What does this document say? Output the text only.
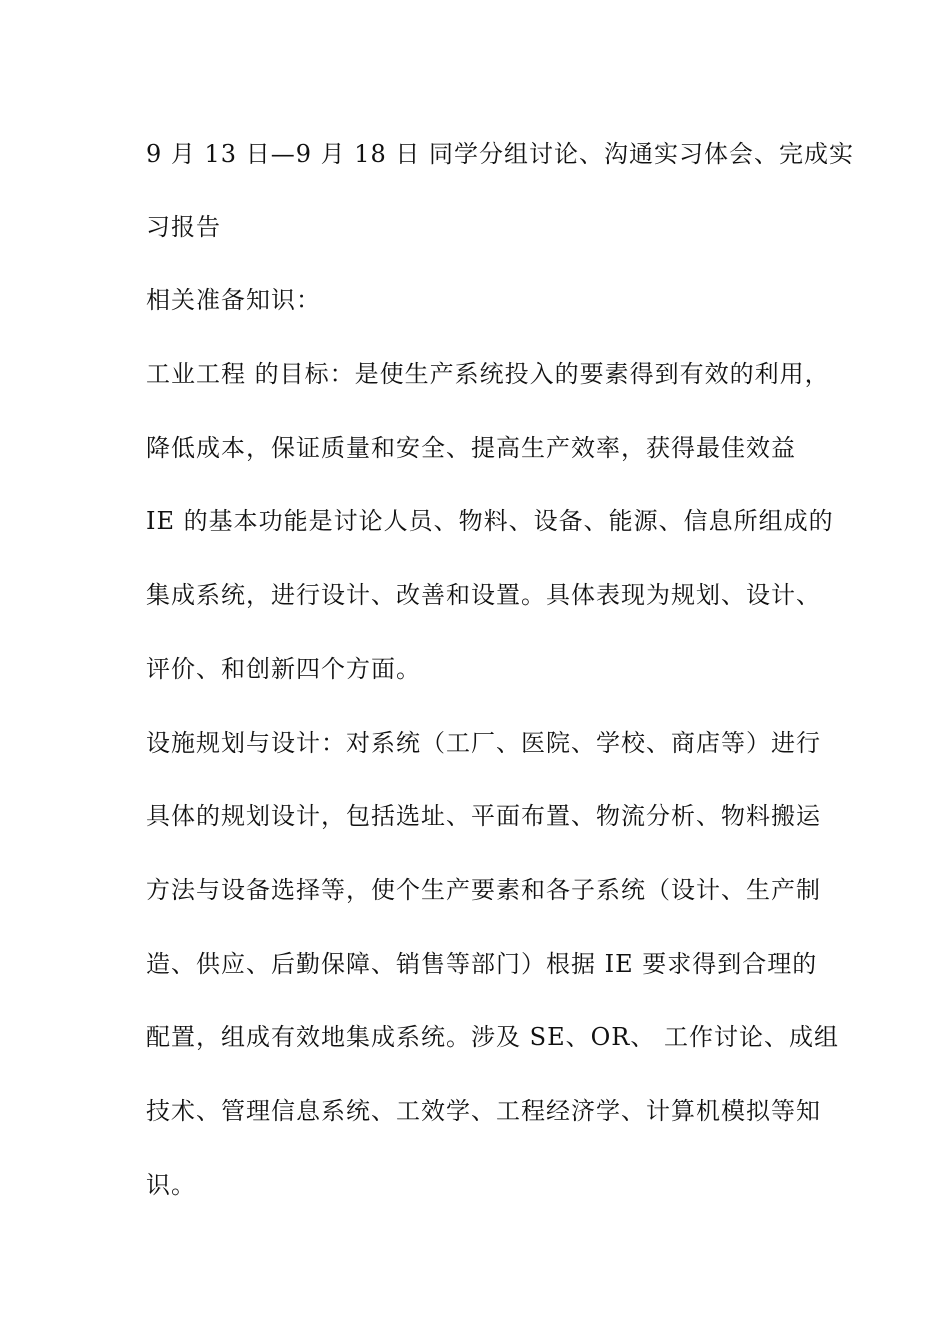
9 月 13 日—9 月 18 日 同学分组讨论、沟通实习体会、完成实
习报告
相关准备知识：
工业工程 的目标：是使生产系统投入的要素得到有效的利用，
降低成本，保证质量和安全、提高生产效率，获得最佳效益
IE 的基本功能是讨论人员、物料、设备、能源、信息所组成的
集成系统，进行设计、改善和设置。具体表现为规划、设计、
评价、和创新四个方面。
设施规划与设计：对系统（工厂、医院、学校、商店等）进行
具体的规划设计，包括选址、平面布置、物流分析、物料搬运
方法与设备选择等，使个生产要素和各子系统（设计、生产制
造、供应、后勤保障、销售等部门）根据 IE 要求得到合理的
配置，组成有效地集成系统。涉及 SE、OR、 工作讨论、成组
技术、管理信息系统、工效学、工程经济学、计算机模拟等知
识。
